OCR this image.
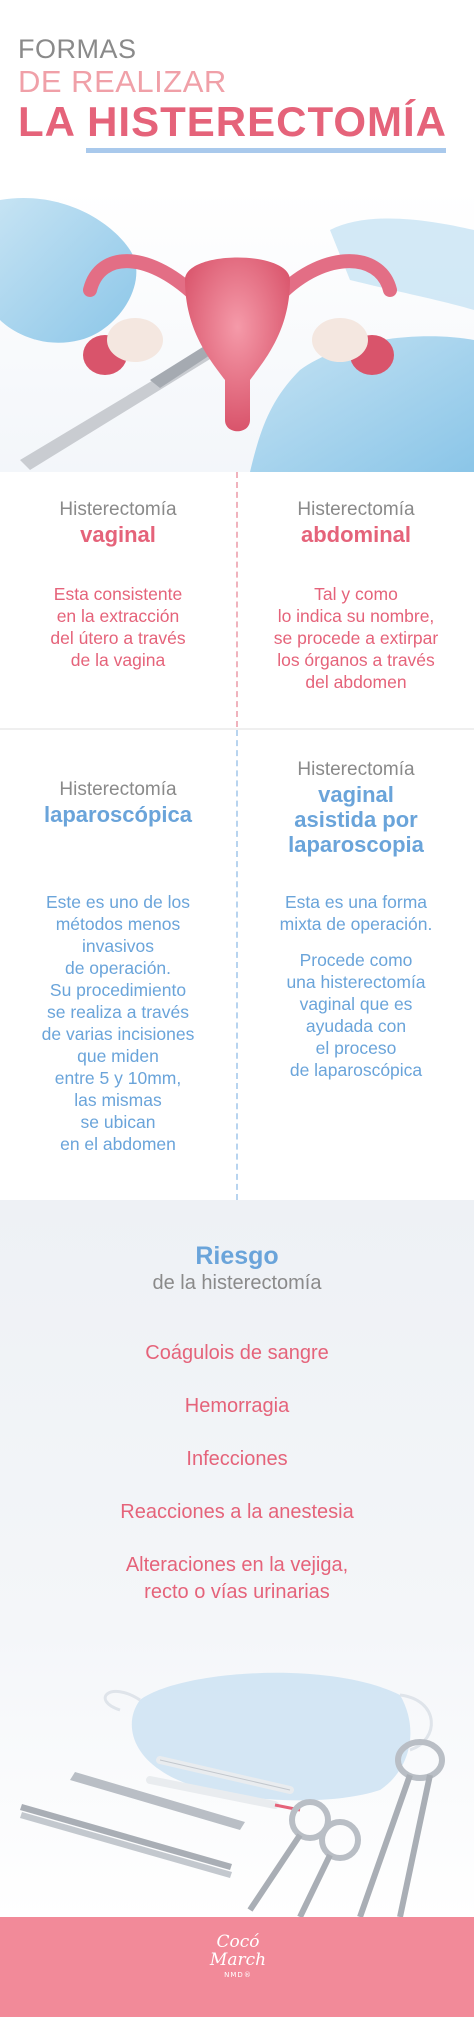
FORMAS
DE REALIZAR
LA HISTERECTOMÍA
Histerectomía
vaginal
Esta consistente
en la extracción
del útero a través
de la vagina
Histerectomía
abdominal
Tal y como
lo indica su nombre,
se procede a extirpar
los órganos a través
del abdomen
Histerectomía
laparoscópica
Este es uno de los
métodos menos
invasivos
de operación.
Su procedimiento
se realiza a través
de varias incisiones
que miden
entre 5 y 10mm,
las mismas
se ubican
en el abdomen
Histerectomía
vaginal
asistida por
laparoscopia
Esta es una forma
mixta de operación.
Procede como
una histerectomía
vaginal que es
ayudada con
el proceso
de laparoscópica
Riesgo
de la histerectomía
Coágulois de sangre
Hemorragia
Infecciones
Reacciones a la anestesia
Alteraciones en la vejiga,
recto o vías urinarias
Cocó
March
NMD®
